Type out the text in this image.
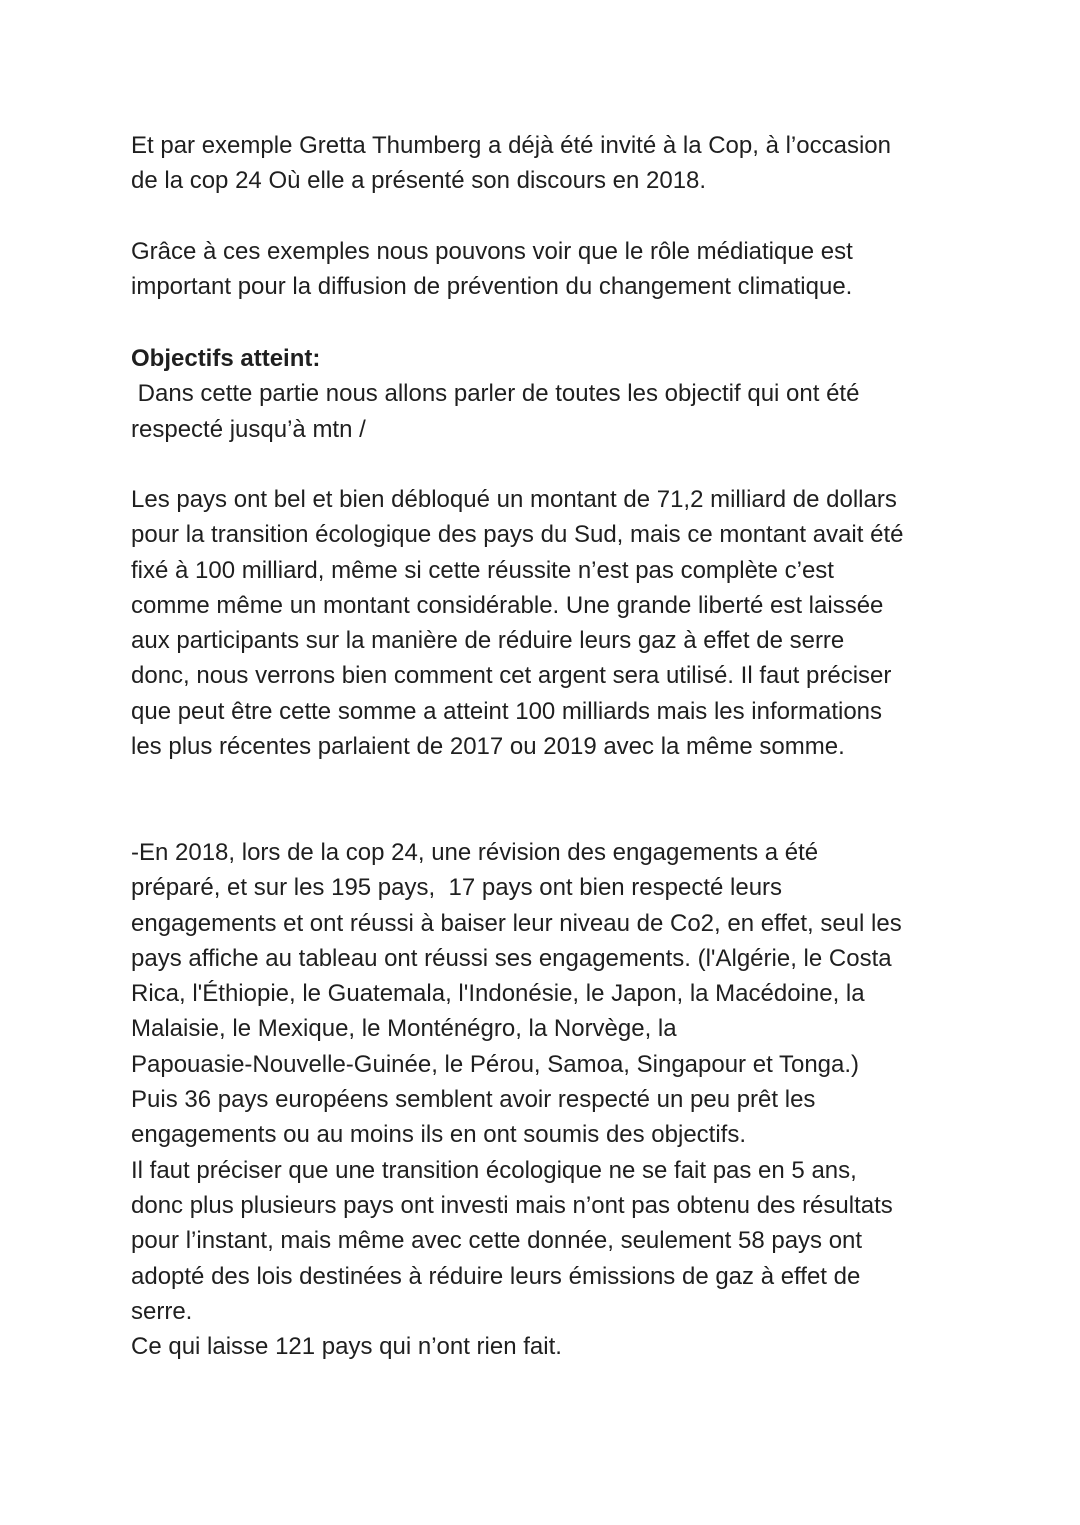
Et par exemple Gretta Thumberg a déjà été invité à la Cop, à l’occasion
de la cop 24 Où elle a présenté son discours en 2018.
Grâce à ces exemples nous pouvons voir que le rôle médiatique est
important pour la diffusion de prévention du changement climatique.
Objectifs atteint:
Dans cette partie nous allons parler de toutes les objectif qui ont été
respecté jusqu’à mtn /
Les pays ont bel et bien débloqué un montant de 71,2 milliard de dollars
pour la transition écologique des pays du Sud, mais ce montant avait été
fixé à 100 milliard, même si cette réussite n’est pas complète c’est
comme même un montant considérable. Une grande liberté est laissée
aux participants sur la manière de réduire leurs gaz à effet de serre
donc, nous verrons bien comment cet argent sera utilisé. Il faut préciser
que peut être cette somme a atteint 100 milliards mais les informations
les plus récentes parlaient de 2017 ou 2019 avec la même somme.
-En 2018, lors de la cop 24, une révision des engagements a été
préparé, et sur les 195 pays,  17 pays ont bien respecté leurs
engagements et ont réussi à baiser leur niveau de Co2, en effet, seul les
pays affiche au tableau ont réussi ses engagements. (l'Algérie, le Costa
Rica, l'Éthiopie, le Guatemala, l'Indonésie, le Japon, la Macédoine, la
Malaisie, le Mexique, le Monténégro, la Norvège, la
Papouasie-Nouvelle-Guinée, le Pérou, Samoa, Singapour et Tonga.)
Puis 36 pays européens semblent avoir respecté un peu prêt les
engagements ou au moins ils en ont soumis des objectifs.
Il faut préciser que une transition écologique ne se fait pas en 5 ans,
donc plus plusieurs pays ont investi mais n’ont pas obtenu des résultats
pour l’instant, mais même avec cette donnée, seulement 58 pays ont
adopté des lois destinées à réduire leurs émissions de gaz à effet de
serre.
Ce qui laisse 121 pays qui n’ont rien fait.
